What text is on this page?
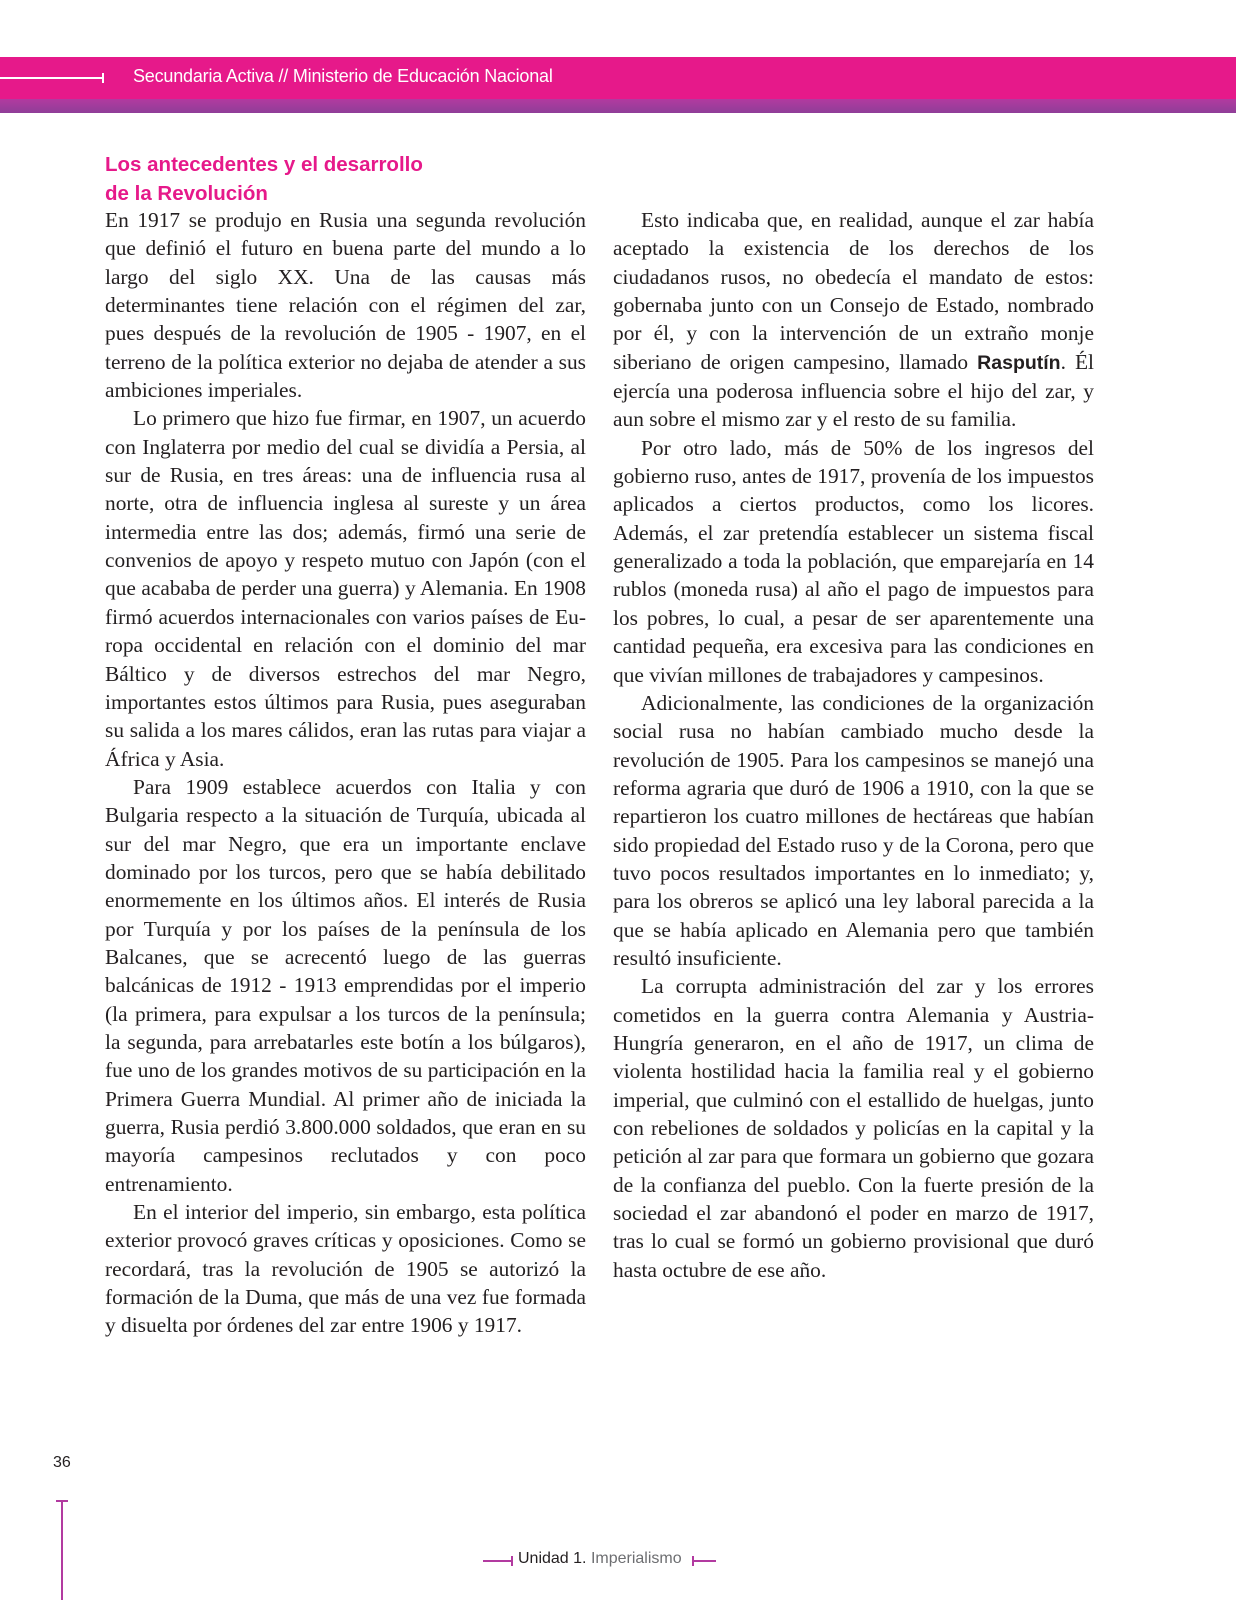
Secundaria Activa // Ministerio de Educación Nacional
Los antecedentes y el desarrollo
de la Revolución

En 1917 se produjo en Rusia una segunda revolución que definió el futuro en buena parte del mundo a lo largo del siglo XX. Una de las causas más determinantes tiene relación con el régimen del zar, pues después de la revolución de 1905 - 1907, en el terreno de la política exterior no dejaba de atender a sus ambiciones imperiales.

Lo primero que hizo fue firmar, en 1907, un acuerdo con Inglaterra por medio del cual se dividía a Persia, al sur de Rusia, en tres áreas: una de influencia rusa al norte, otra de influencia inglesa al sureste y un área intermedia entre las dos; además, firmó una serie de convenios de apoyo y respeto mutuo con Japón (con el que acababa de perder una guerra) y Alemania. En 1908 firmó acuerdos internacionales con varios países de Europa occidental en relación con el dominio del mar Báltico y de diversos estrechos del mar Negro, importantes estos últimos para Rusia, pues aseguraban su salida a los mares cálidos, eran las rutas para viajar a África y Asia.

Para 1909 establece acuerdos con Italia y con Bulgaria respecto a la situación de Turquía, ubicada al sur del mar Negro, que era un importante enclave dominado por los turcos, pero que se había debilitado enormemente en los últimos años. El interés de Rusia por Turquía y por los países de la península de los Balcanes, que se acrecentó luego de las guerras balcánicas de 1912 - 1913 emprendidas por el imperio (la primera, para expulsar a los turcos de la península; la segunda, para arrebatarles este botín a los búlgaros), fue uno de los grandes motivos de su participación en la Primera Guerra Mundial. Al primer año de iniciada la guerra, Rusia perdió 3.800.000 soldados, que eran en su mayoría campesinos reclutados y con poco entrenamiento.

En el interior del imperio, sin embargo, esta política exterior provocó graves críticas y oposiciones. Como se recordará, tras la revolución de 1905 se autorizó la formación de la Duma, que más de una vez fue formada y disuelta por órdenes del zar entre 1906 y 1917.

Esto indicaba que, en realidad, aunque el zar había aceptado la existencia de los derechos de los ciudadanos rusos, no obedecía el mandato de estos: gobernaba junto con un Consejo de Estado, nombrado por él, y con la intervención de un extraño monje siberiano de origen campesino, llamado Rasputín. Él ejercía una poderosa influencia sobre el hijo del zar, y aun sobre el mismo zar y el resto de su familia.

Por otro lado, más de 50% de los ingresos del gobierno ruso, antes de 1917, provenía de los impuestos aplicados a ciertos productos, como los licores. Además, el zar pretendía establecer un sistema fiscal generalizado a toda la población, que emparejaría en 14 rublos (moneda rusa) al año el pago de impuestos para los pobres, lo cual, a pesar de ser aparentemente una cantidad pequeña, era excesiva para las condiciones en que vivían millones de trabajadores y campesinos.

Adicionalmente, las condiciones de la organización social rusa no habían cambiado mucho desde la revolución de 1905. Para los campesinos se manejó una reforma agraria que duró de 1906 a 1910, con la que se repartieron los cuatro millones de hectáreas que habían sido propiedad del Estado ruso y de la Corona, pero que tuvo pocos resultados importantes en lo inmediato; y, para los obreros se aplicó una ley laboral parecida a la que se había aplicado en Alemania pero que también resultó insuficiente.

La corrupta administración del zar y los errores cometidos en la guerra contra Alemania y Austria-Hungría generaron, en el año de 1917, un clima de violenta hostilidad hacia la familia real y el gobierno imperial, que culminó con el estallido de huelgas, junto con rebeliones de soldados y policías en la capital y la petición al zar para que formara un gobierno que gozara de la confianza del pueblo. Con la fuerte presión de la sociedad el zar abandonó el poder en marzo de 1917, tras lo cual se formó un gobierno provisional que duró hasta octubre de ese año.

36
Unidad 1. Imperialismo
